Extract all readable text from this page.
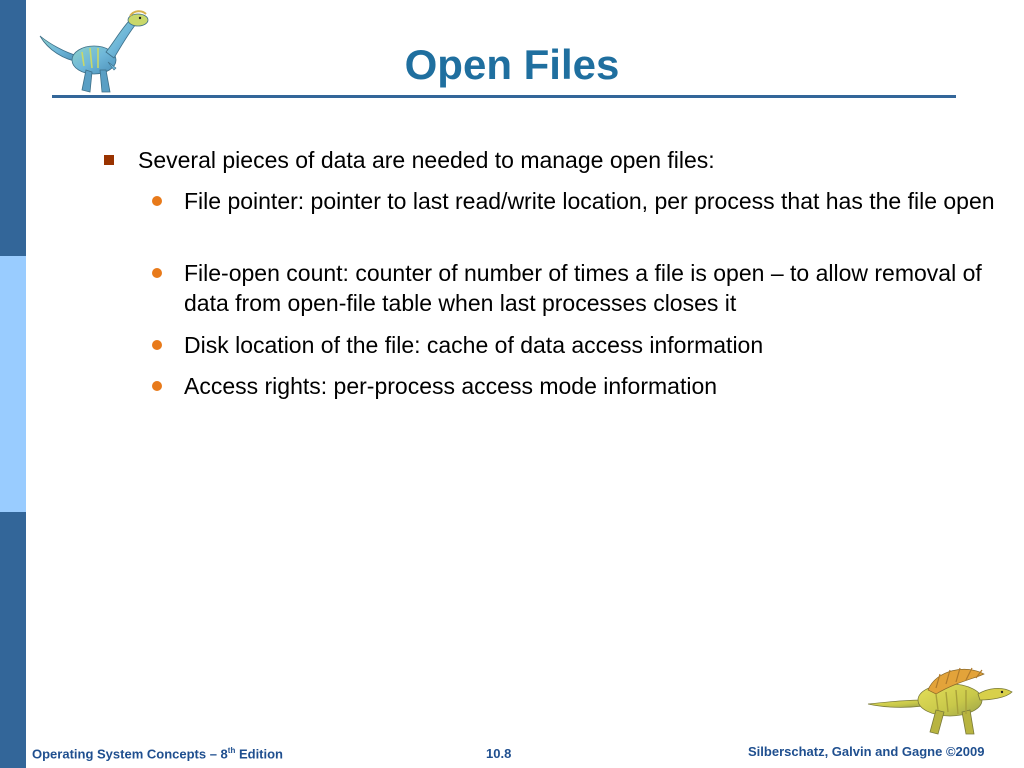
Open Files
Several pieces of data are needed to manage open files:
File pointer: pointer to last read/write location, per process that has the file open
File-open count: counter of number of times a file is open – to allow removal of data from open-file table when last processes closes it
Disk location of the file: cache of data access information
Access rights: per-process access mode information
Operating System Concepts – 8th Edition	10.8	Silberschatz, Galvin and Gagne ©2009
